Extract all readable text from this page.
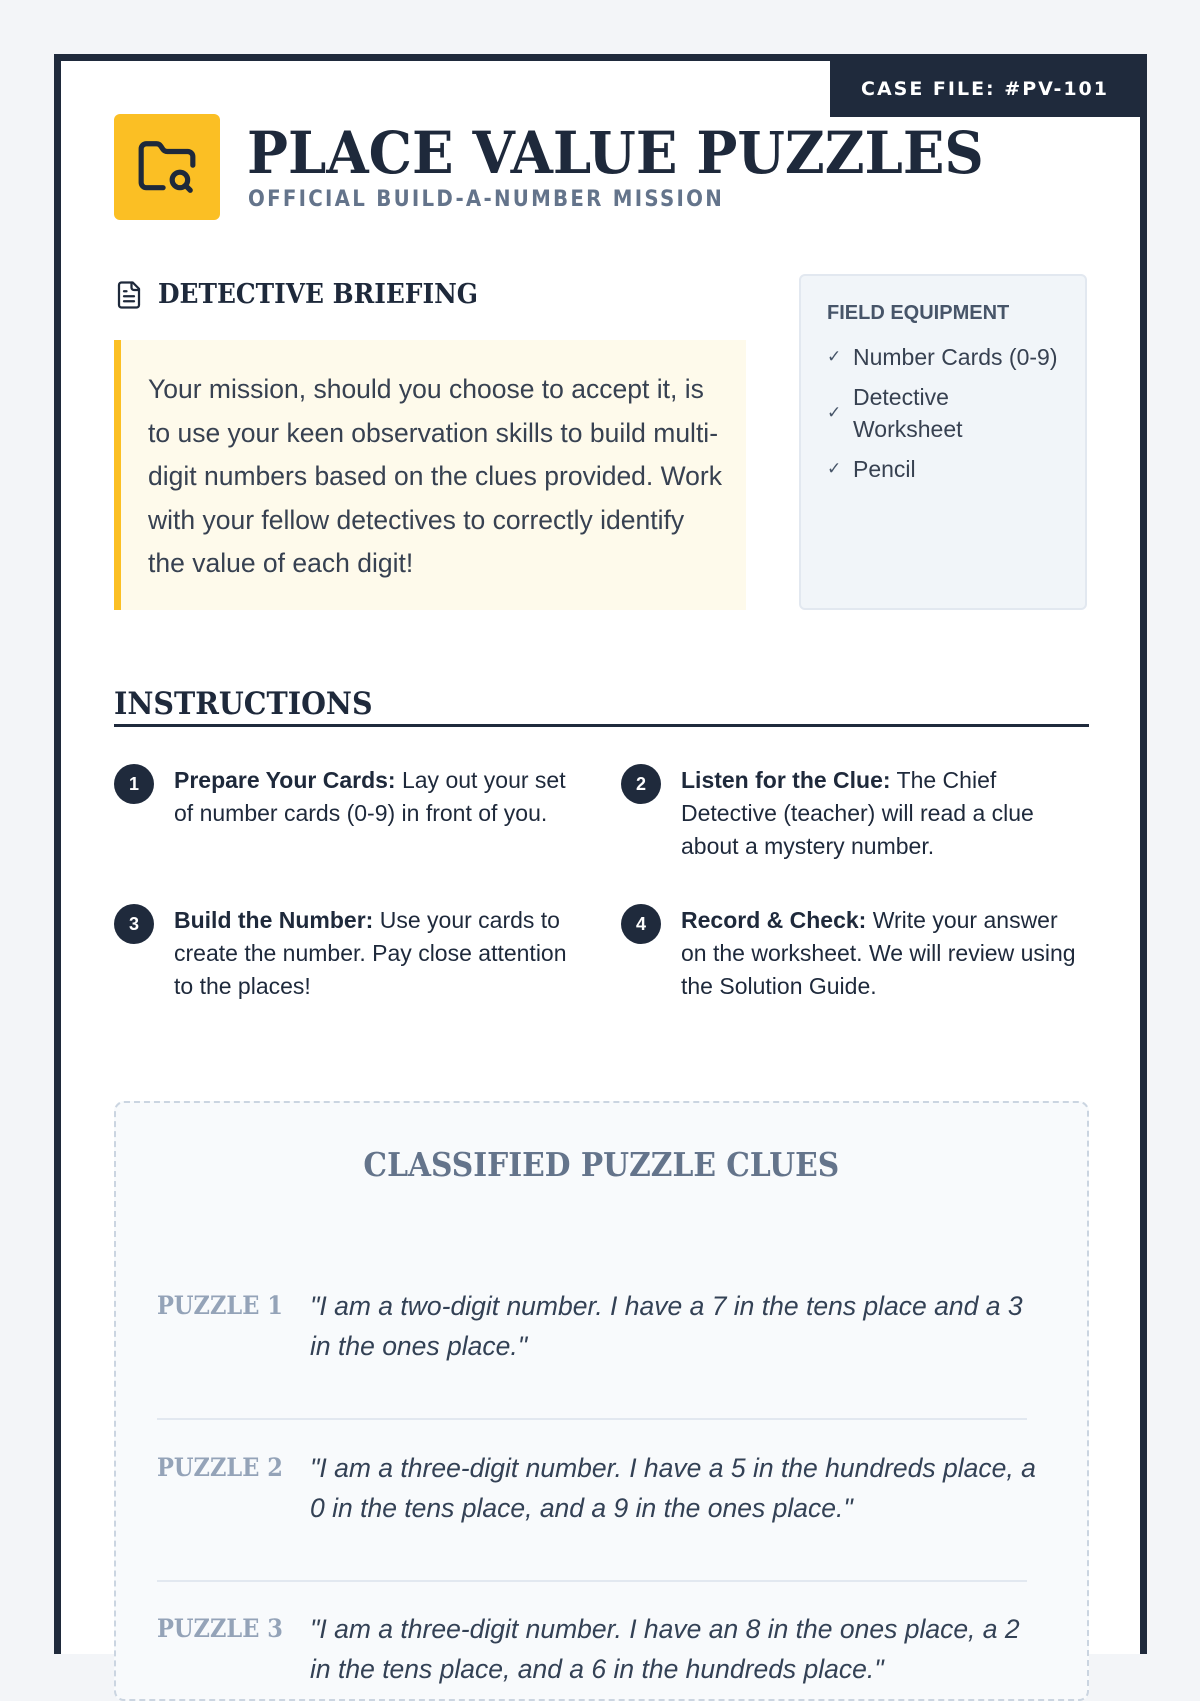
CASE FILE: #PV-101
PLACE VALUE PUZZLES
OFFICIAL BUILD-A-NUMBER MISSION
DETECTIVE BRIEFING

Your mission, should you choose to accept it, is to use your keen observation skills to build multi-digit numbers based on the clues provided. Work with your fellow detectives to correctly identify the value of each digit!

FIELD EQUIPMENT
✓ Number Cards (0-9)
✓
Detective Worksheet
✓ Pencil
INSTRUCTIONS
1	Prepare Your Cards: Lay out your set of number cards (0-9) in front of you.
2	Listen for the Clue: The Chief Detective (teacher) will read a clue about a mystery number.
3	Build the Number: Use your cards to create the number. Pay close attention to the places!
4	Record & Check: Write your answer on the worksheet. We will review using the Solution Guide.
CLASSIFIED PUZZLE CLUES
PUZZLE 1	"I am a two-digit number. I have a 7 in the tens place and a 3 in the ones place."
PUZZLE 2	"I am a three-digit number. I have a 5 in the hundreds place, a 0 in the tens place, and a 9 in the ones place."
PUZZLE 3	"I am a three-digit number. I have an 8 in the ones place, a 2 in the tens place, and a 6 in the hundreds place."
